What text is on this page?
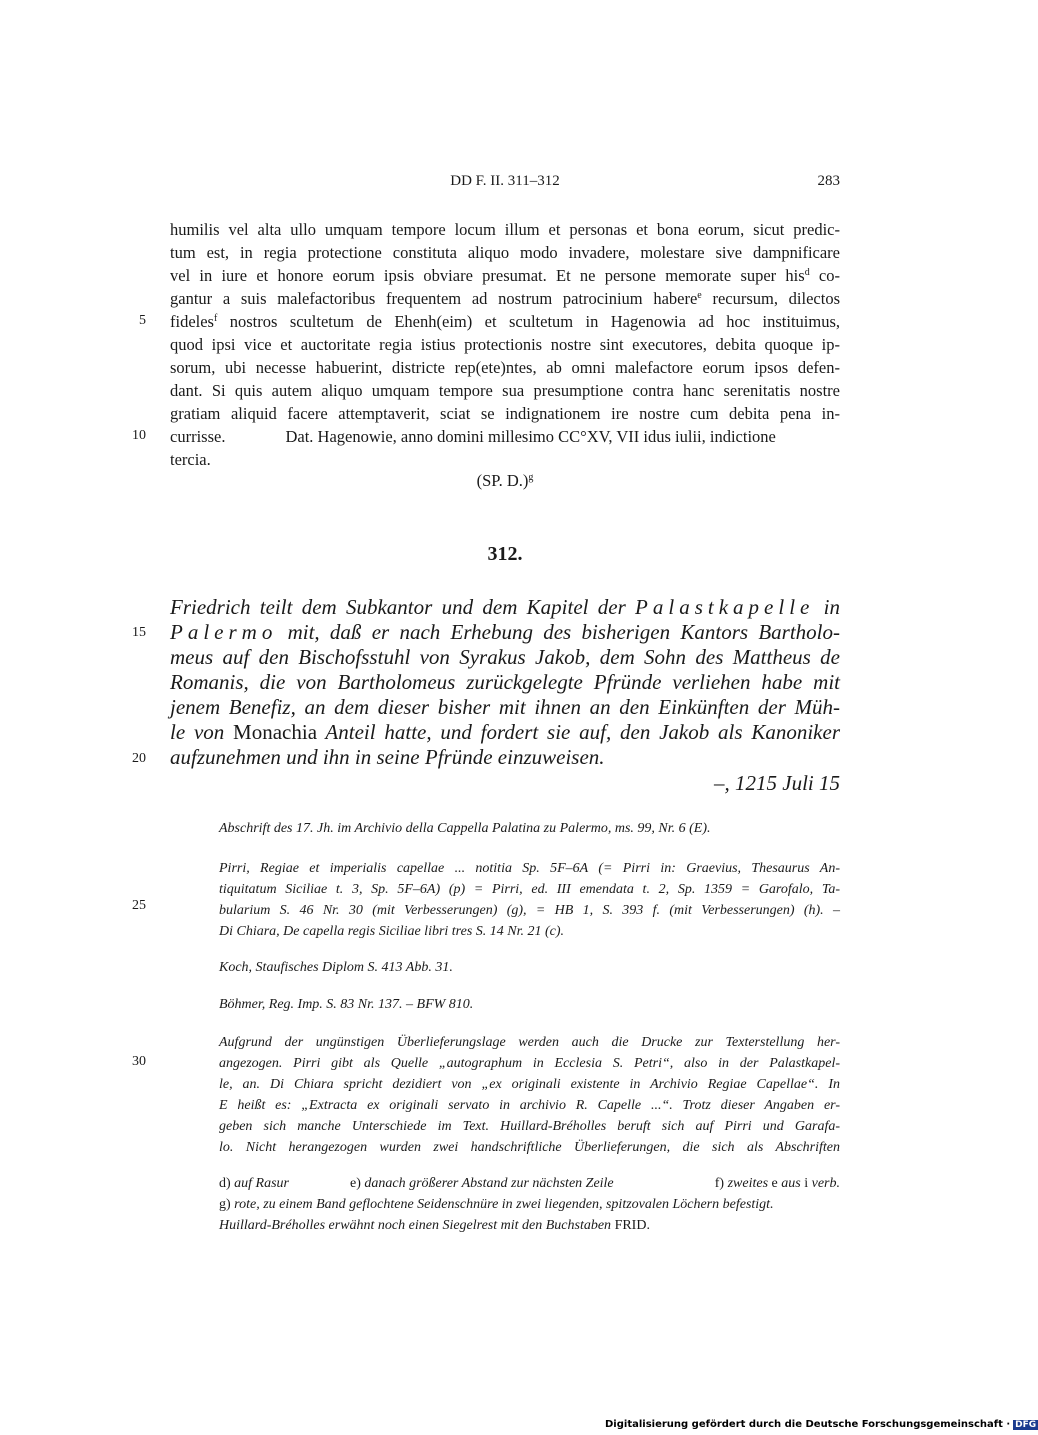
DD F. II. 311–312	283
5
10
15
20
25
30
humilis vel alta ullo umquam tempore locum illum et personas et bona eorum, sicut predic-
tum est, in regia protectione constituta aliquo modo invadere, molestare sive dampnificare
vel in iure et honore eorum ipsis obviare presumat. Et ne persone memorate super his$^d$ co-
gantur a suis malefactoribus frequentem ad nostrum patrocinium habere$^e$ recursum, dilectos
fideles$^f$ nostros scultetum de Ehenh(eim) et scultetum in Hagenowia ad hoc instituimus,
quod ipsi vice et auctoritate regia istius protectionis nostre sint executores, debita quoque ip-
sorum, ubi necesse habuerint, districte rep(ete)ntes, ab omni malefactore eorum ipsos defen-
dant. Si quis autem aliquo umquam tempore sua presumptione contra hanc serenitatis nostre
gratiam aliquid facere attemptaverit, sciat se indignationem ire nostre cum debita pena in-
currisse.	Dat. Hagenowie, anno domini millesimo CC°XV, VII idus iulii, indictione
tercia.
(SP. D.)$^g$
312.
Friedrich teilt dem Subkantor und dem Kapitel der Palastkapelle in
Palermo mit, daß er nach Erhebung des bisherigen Kantors Bartholo-
meus auf den Bischofsstuhl von Syrakus Jakob, dem Sohn des Mattheus de
Romanis, die von Bartholomeus zurückgelegte Pfründe verliehen habe mit
jenem Benefiz, an dem dieser bisher mit ihnen an den Einkünften der Müh-
le von Monachia Anteil hatte, und fordert sie auf, den Jakob als Kanoniker
aufzunehmen und ihn in seine Pfründe einzuweisen.
–, 1215 Juli 15
Abschrift des 17. Jh. im Archivio della Cappella Palatina zu Palermo, ms. 99, Nr. 6 (E).
Pirri, Regiae et imperialis capellae ... notitia Sp. 5F–6A (= Pirri in: Graevius, Thesaurus An-
tiquitatum Siciliae t. 3, Sp. 5F–6A) (p) = Pirri, ed. III emendata t. 2, Sp. 1359 = Garofalo, Ta-
bularium S. 46 Nr. 30 (mit Verbesserungen) (g), = HB 1, S. 393 f. (mit Verbesserungen) (h). –
Di Chiara, De capella regis Siciliae libri tres S. 14 Nr. 21 (c).
Koch, Staufisches Diplom S. 413 Abb. 31.
Böhmer, Reg. Imp. S. 83 Nr. 137. – BFW 810.
Aufgrund der ungünstigen Überlieferungslage werden auch die Drucke zur Texterstellung her-
angezogen. Pirri gibt als Quelle „autographum in Ecclesia S. Petri“, also in der Palastkapel-
le, an. Di Chiara spricht dezidiert von „ex originali existente in Archivio Regiae Capellae“. In
E heißt es: „Extracta ex originali servato in archivio R. Capelle ...“. Trotz dieser Angaben er-
geben sich manche Unterschiede im Text. Huillard-Bréholles beruft sich auf Pirri und Garafa-
lo. Nicht herangezogen wurden zwei handschriftliche Überlieferungen, die sich als Abschriften
d) auf Rasur	e) danach größerer Abstand zur nächsten Zeile	f) zweites e aus i verb.
g) rote, zu einem Band geflochtene Seidenschnüre in zwei liegenden, spitzovalen Löchern befestigt.
Huillard-Bréholles erwähnt noch einen Siegelrest mit den Buchstaben FRID.
Digitalisierung gefördert durch die Deutsche Forschungsgemeinschaft · DFG
